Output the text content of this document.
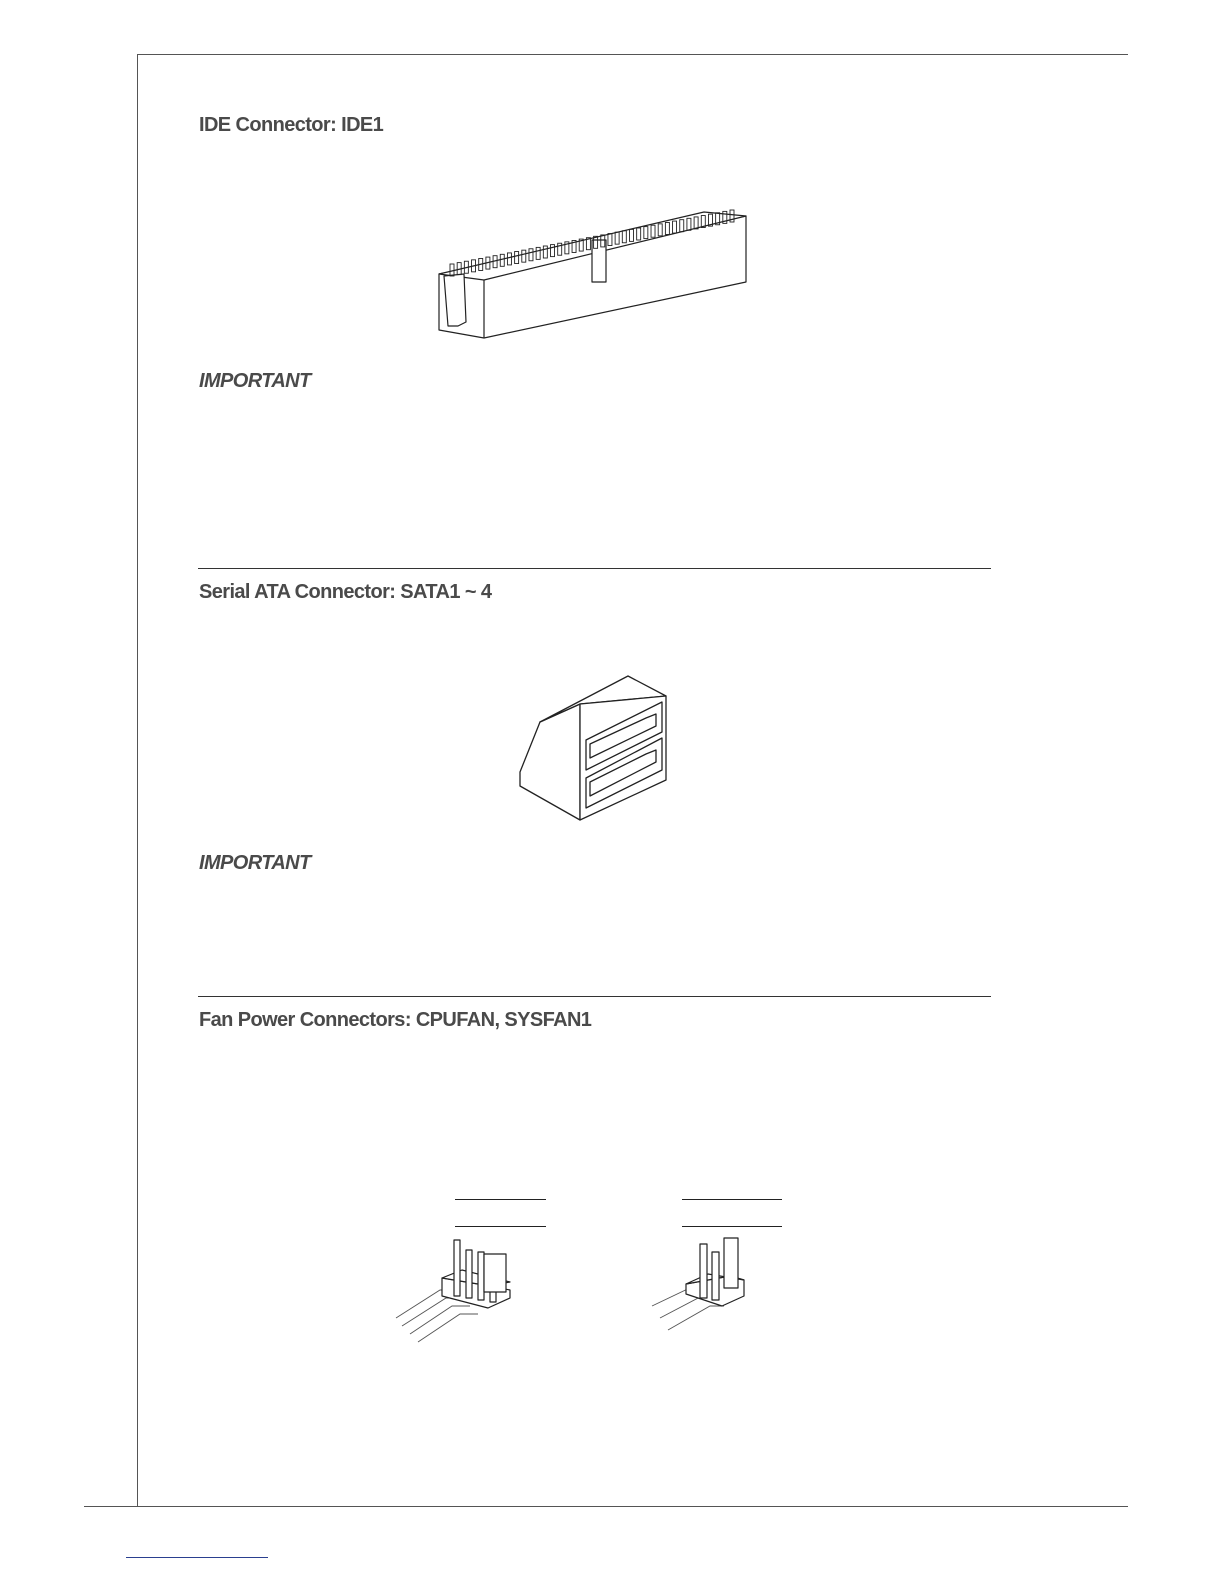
IDE Connector: IDE1
IMPORTANT
Serial ATA Connector: SATA1 ~ 4
IMPORTANT
Fan Power Connectors: CPUFAN, SYSFAN1
